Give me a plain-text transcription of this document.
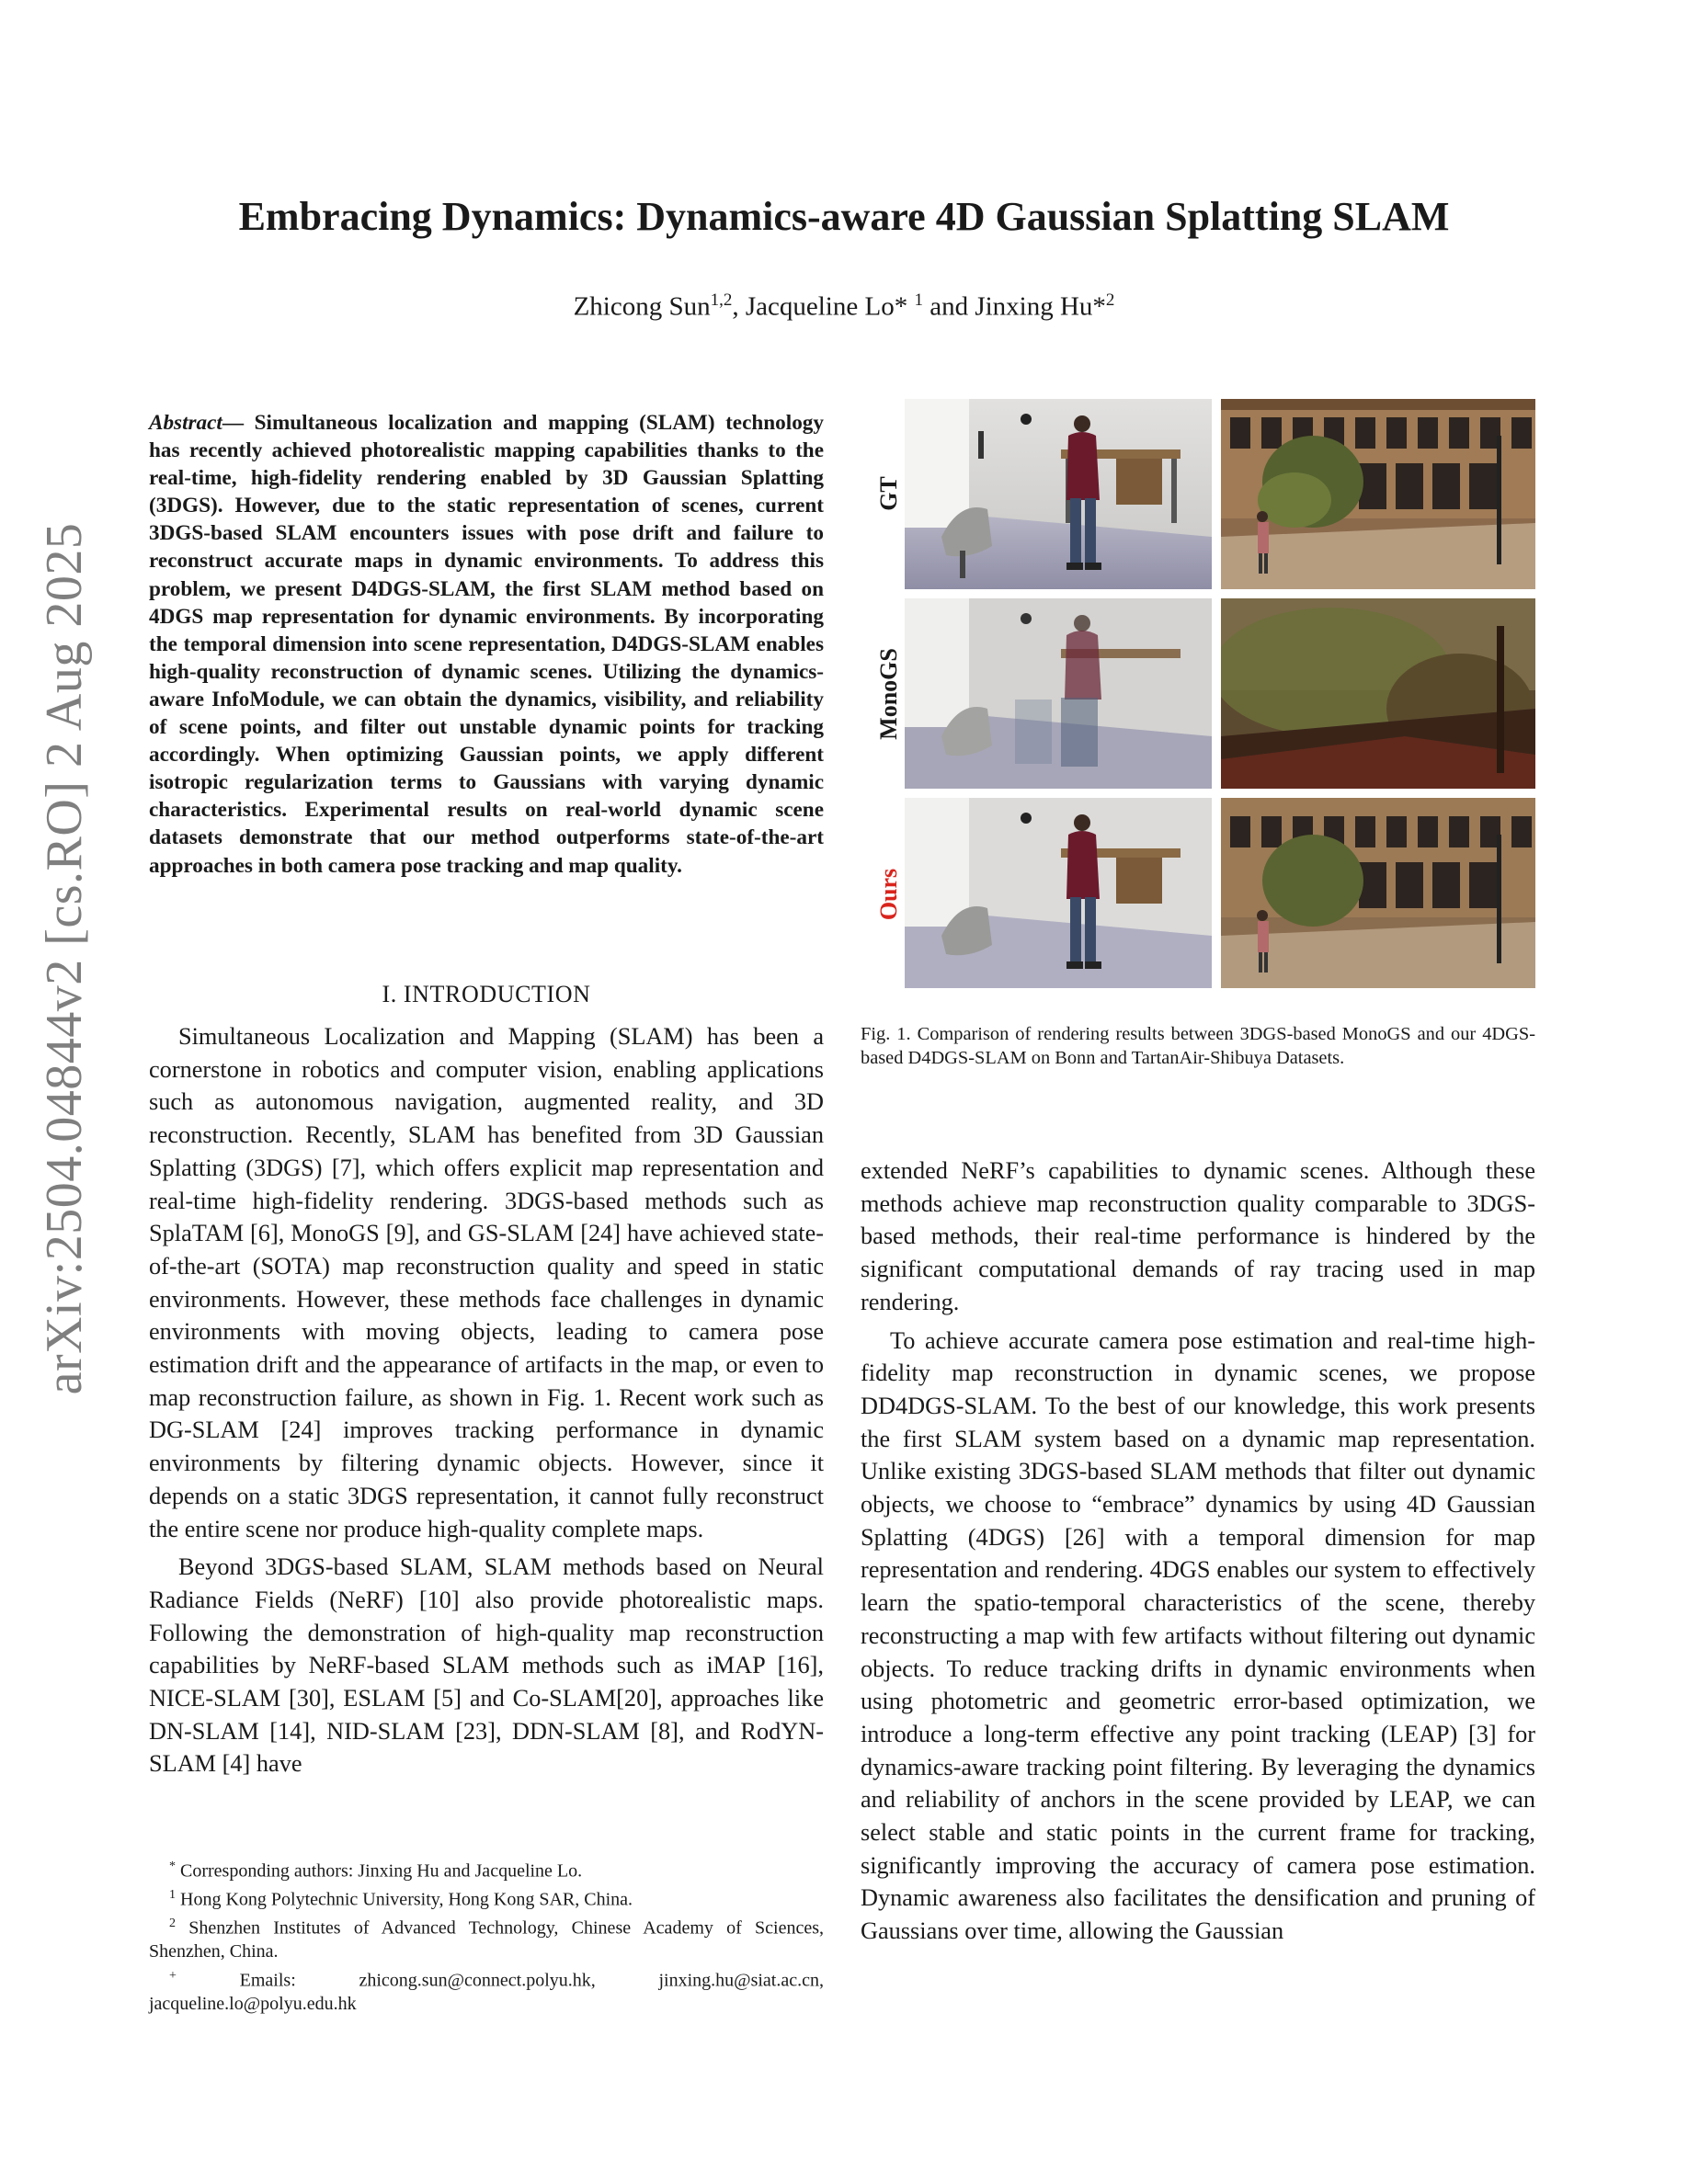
arXiv:2504.04844v2 [cs.RO] 2 Aug 2025
Embracing Dynamics: Dynamics-aware 4D Gaussian Splatting SLAM
Zhicong Sun$^{1,2}$, Jacqueline Lo* $^1$ and Jinxing Hu*$^2$
Abstract— Simultaneous localization and mapping (SLAM) technology has recently achieved photorealistic mapping capabilities thanks to the real-time, high-fidelity rendering enabled by 3D Gaussian Splatting (3DGS). However, due to the static representation of scenes, current 3DGS-based SLAM encounters issues with pose drift and failure to reconstruct accurate maps in dynamic environments. To address this problem, we present D4DGS-SLAM, the first SLAM method based on 4DGS map representation for dynamic environments. By incorporating the temporal dimension into scene representation, D4DGS-SLAM enables high-quality reconstruction of dynamic scenes. Utilizing the dynamics-aware InfoModule, we can obtain the dynamics, visibility, and reliability of scene points, and filter out unstable dynamic points for tracking accordingly. When optimizing Gaussian points, we apply different isotropic regularization terms to Gaussians with varying dynamic characteristics. Experimental results on real-world dynamic scene datasets demonstrate that our method outperforms state-of-the-art approaches in both camera pose tracking and map quality.
I. INTRODUCTION

Simultaneous Localization and Mapping (SLAM) has been a cornerstone in robotics and computer vision, enabling applications such as autonomous navigation, augmented reality, and 3D reconstruction. Recently, SLAM has benefited from 3D Gaussian Splatting (3DGS) [7], which offers explicit map representation and real-time high-fidelity rendering. 3DGS-based methods such as SplaTAM [6], MonoGS [9], and GS-SLAM [24] have achieved state-of-the-art (SOTA) map reconstruction quality and speed in static environments. However, these methods face challenges in dynamic environments with moving objects, leading to camera pose estimation drift and the appearance of artifacts in the map, or even to map reconstruction failure, as shown in Fig. 1. Recent work such as DG-SLAM [24] improves tracking performance in dynamic environments by filtering dynamic objects. However, since it depends on a static 3DGS representation, it cannot fully reconstruct the entire scene nor produce high-quality complete maps.

Beyond 3DGS-based SLAM, SLAM methods based on Neural Radiance Fields (NeRF) [10] also provide photorealistic maps. Following the demonstration of high-quality map reconstruction capabilities by NeRF-based SLAM methods such as iMAP [16], NICE-SLAM [30], ESLAM [5] and Co-SLAM[20], approaches like DN-SLAM [14], NID-SLAM [23], DDN-SLAM [8], and RodYN-SLAM [4] have

* Corresponding authors: Jinxing Hu and Jacqueline Lo.
$^1$ Hong Kong Polytechnic University, Hong Kong SAR, China.
$^2$ Shenzhen Institutes of Advanced Technology, Chinese Academy of Sciences, Shenzhen, China.
+ Emails: zhicong.sun@connect.polyu.hk, jinxing.hu@siat.ac.cn, jacqueline.lo@polyu.edu.hk
GT
MonoGS
Ours
Fig. 1. Comparison of rendering results between 3DGS-based MonoGS and our 4DGS-based D4DGS-SLAM on Bonn and TartanAir-Shibuya Datasets.

extended NeRF’s capabilities to dynamic scenes. Although these methods achieve map reconstruction quality comparable to 3DGS-based methods, their real-time performance is hindered by the significant computational demands of ray tracing used in map rendering.

To achieve accurate camera pose estimation and real-time high-fidelity map reconstruction in dynamic scenes, we propose DD4DGS-SLAM. To the best of our knowledge, this work presents the first SLAM system based on a dynamic map representation. Unlike existing 3DGS-based SLAM methods that filter out dynamic objects, we choose to “embrace” dynamics by using 4D Gaussian Splatting (4DGS) [26] with a temporal dimension for map representation and rendering. 4DGS enables our system to effectively learn the spatio-temporal characteristics of the scene, thereby reconstructing a map with few artifacts without filtering out dynamic objects. To reduce tracking drifts in dynamic environments when using photometric and geometric error-based optimization, we introduce a long-term effective any point tracking (LEAP) [3] for dynamics-aware tracking point filtering. By leveraging the dynamics and reliability of anchors in the scene provided by LEAP, we can select stable and static points in the current frame for tracking, significantly improving the accuracy of camera pose estimation. Dynamic awareness also facilitates the densification and pruning of Gaussians over time, allowing the Gaussian
